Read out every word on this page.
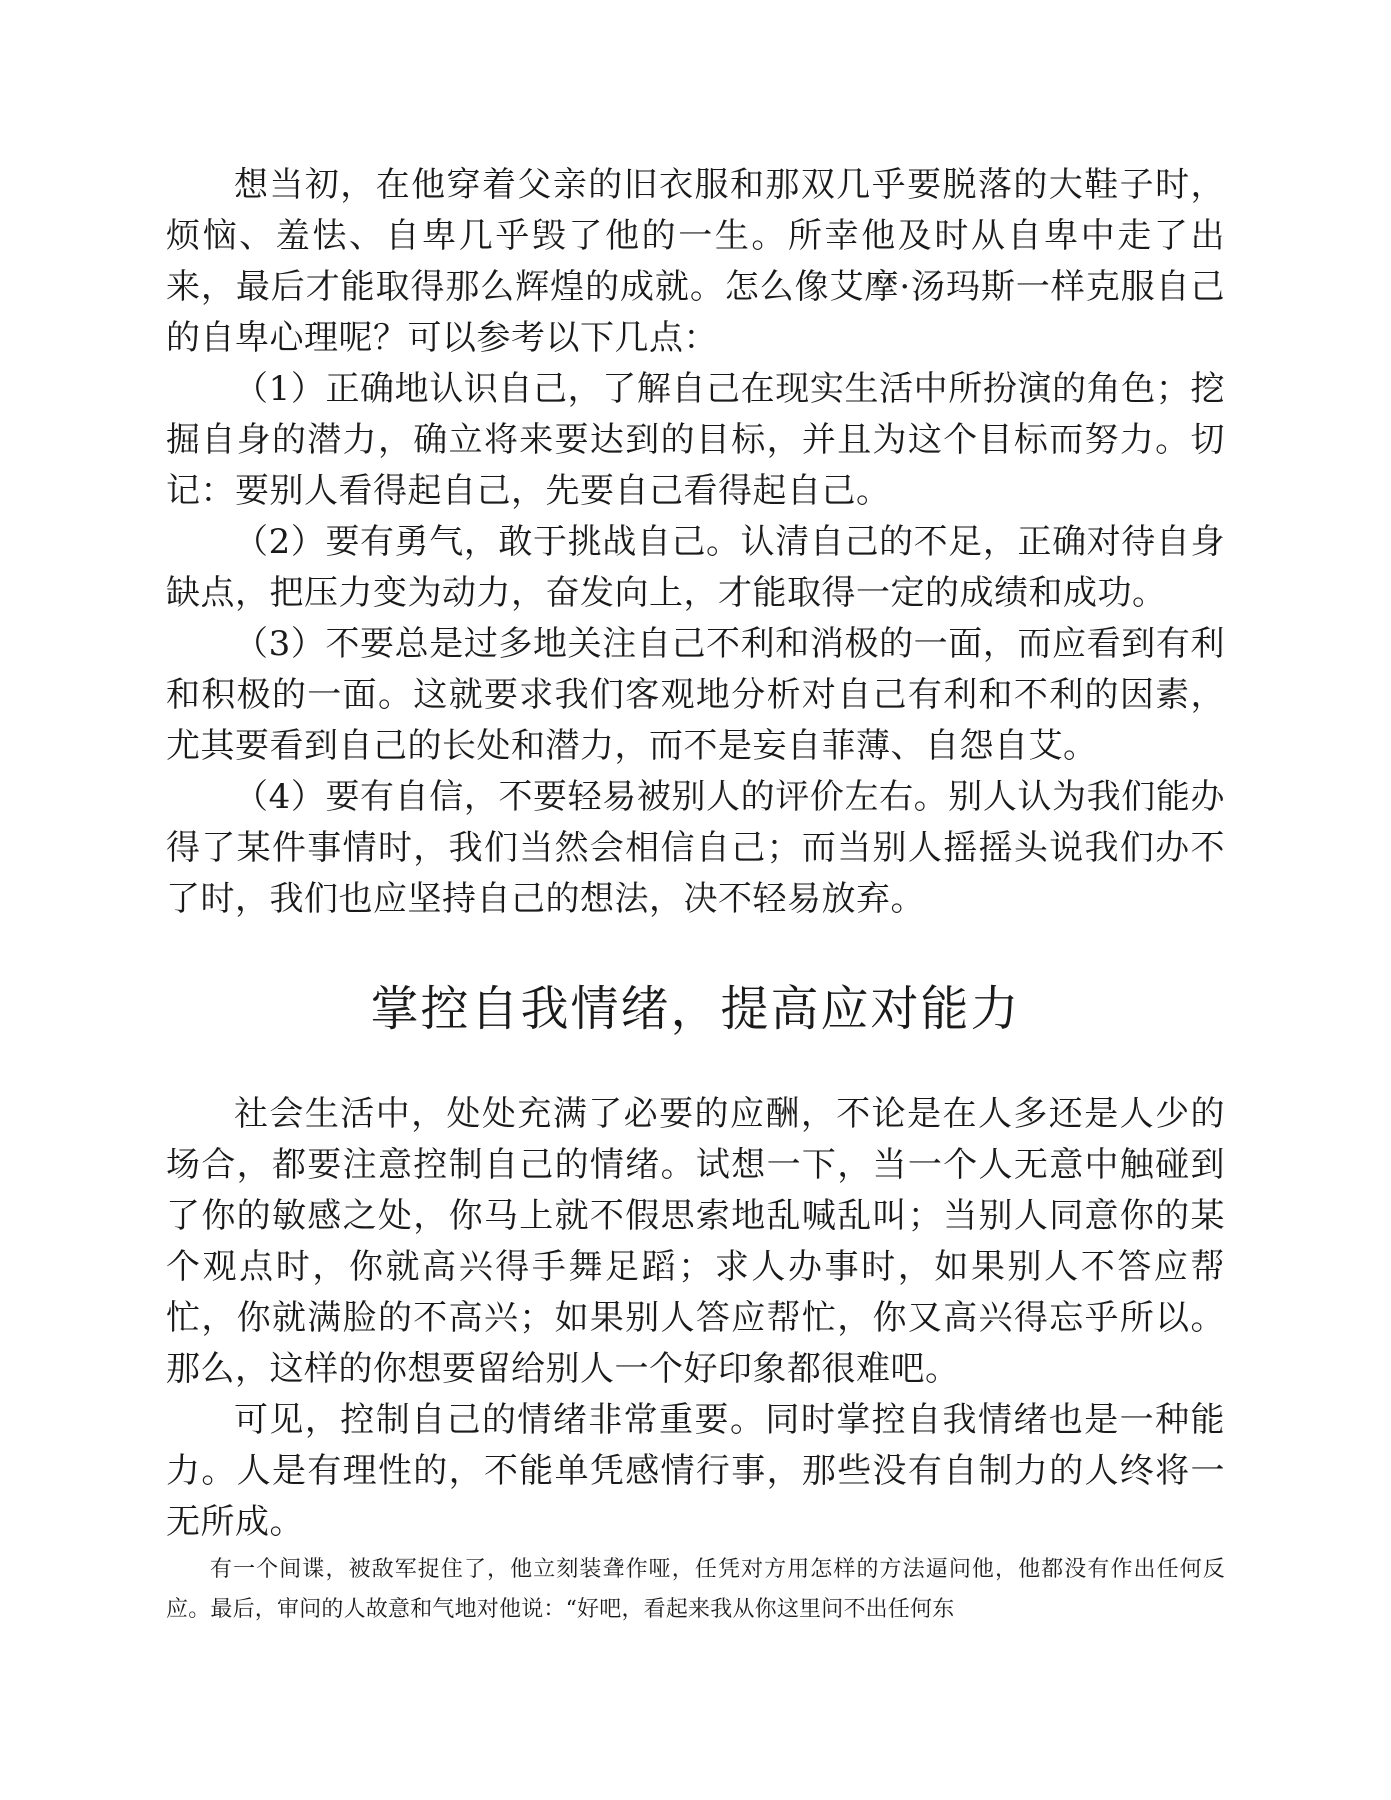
想当初，在他穿着父亲的旧衣服和那双几乎要脱落的大鞋子时，烦恼、羞怯、自卑几乎毁了他的一生。所幸他及时从自卑中走了出来，最后才能取得那么辉煌的成就。怎么像艾摩·汤玛斯一样克服自己的自卑心理呢？可以参考以下几点：

（1）正确地认识自己，了解自己在现实生活中所扮演的角色；挖掘自身的潜力，确立将来要达到的目标，并且为这个目标而努力。切记：要别人看得起自己，先要自己看得起自己。

（2）要有勇气，敢于挑战自己。认清自己的不足，正确对待自身缺点，把压力变为动力，奋发向上，才能取得一定的成绩和成功。

（3）不要总是过多地关注自己不利和消极的一面，而应看到有利和积极的一面。这就要求我们客观地分析对自己有利和不利的因素，尤其要看到自己的长处和潜力，而不是妄自菲薄、自怨自艾。

（4）要有自信，不要轻易被别人的评价左右。别人认为我们能办得了某件事情时，我们当然会相信自己；而当别人摇摇头说我们办不了时，我们也应坚持自己的想法，决不轻易放弃。

掌控自我情绪，提高应对能力

社会生活中，处处充满了必要的应酬，不论是在人多还是人少的场合，都要注意控制自己的情绪。试想一下，当一个人无意中触碰到了你的敏感之处，你马上就不假思索地乱喊乱叫；当别人同意你的某个观点时，你就高兴得手舞足蹈；求人办事时，如果别人不答应帮忙，你就满脸的不高兴；如果别人答应帮忙，你又高兴得忘乎所以。那么，这样的你想要留给别人一个好印象都很难吧。

可见，控制自己的情绪非常重要。同时掌控自我情绪也是一种能力。人是有理性的，不能单凭感情行事，那些没有自制力的人终将一无所成。

有一个间谍，被敌军捉住了，他立刻装聋作哑，任凭对方用怎样的方法逼问他，他都没有作出任何反应。最后，审问的人故意和气地对他说：“好吧，看起来我从你这里问不出任何东
